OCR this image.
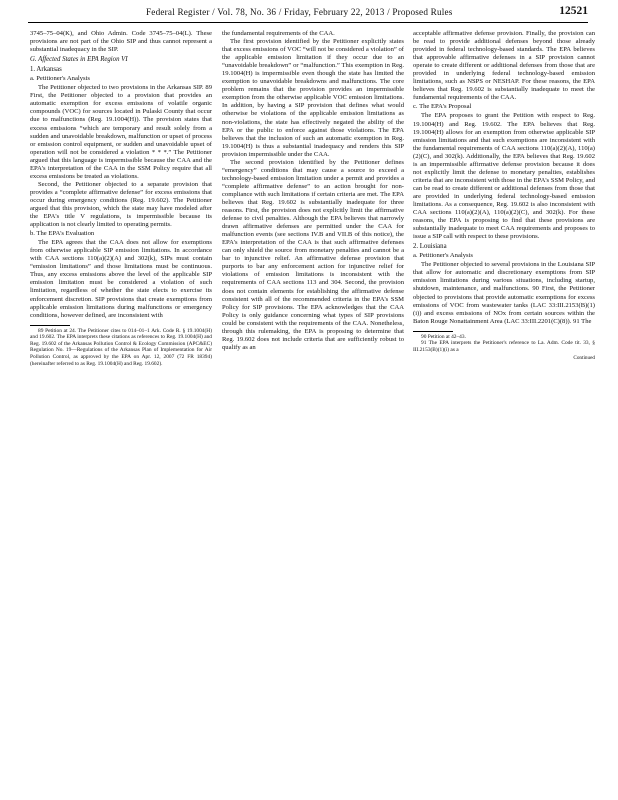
Federal Register / Vol. 78, No. 36 / Friday, February 22, 2013 / Proposed Rules	12521

3745–75–04(K), and Ohio Admin. Code 3745–75–04(L). These provisions are not part of the Ohio SIP and thus cannot represent a substantial inadequacy in the SIP.

G. Affected States in EPA Region VI
1. Arkansas
a. Petitioner's Analysis

The Petitioner objected to two provisions in the Arkansas SIP. 89 First, the Petitioner objected to a provision that provides an automatic exemption for excess emissions of volatile organic compounds (VOC) for sources located in Pulaski County that occur due to malfunctions (Reg. 19.1004(H)). The provision states that excess emissions “which are temporary and result solely from a sudden and unavoidable breakdown, malfunction or upset of process or emission control equipment, or sudden and unavoidable upset of operation will not be considered a violation * * *.” The Petitioner argued that this language is impermissible because the CAA and the EPA's interpretation of the CAA in the SSM Policy require that all excess emissions be treated as violations.

Second, the Petitioner objected to a separate provision that provides a “complete affirmative defense” for excess emissions that occur during emergency conditions (Reg. 19.602). The Petitioner argued that this provision, which the state may have modeled after the EPA's title V regulations, is impermissible because its application is not clearly limited to operating permits.

b. The EPA's Evaluation

The EPA agrees that the CAA does not allow for exemptions from otherwise applicable SIP emission limitations. In accordance with CAA sections 110(a)(2)(A) and 302(k), SIPs must contain “emission limitations” and those limitations must be continuous. Thus, any excess emissions above the level of the applicable SIP emission limitation must be considered a violation of such limitation, regardless of whether the state elects to exercise its enforcement discretion. SIP provisions that create exemptions from applicable emission limitations during malfunctions or emergency conditions, however defined, are inconsistent with

89 Petition at 24. The Petitioner cites to 014–01–1 Ark. Code R. § 19.1004(H) and 19.602. The EPA interprets these citations as references to Reg. 19.1004(H) and Reg. 19.602 of the Arkansas Pollution Control & Ecology Commission (APC&EC) Regulation No. 19—Regulations of the Arkansas Plan of Implementation for Air Pollution Control, as approved by the EPA on Apr. 12, 2007 (72 FR 18394) (hereinafter referred to as Reg. 19.1004(H) and Reg. 19.602).

the fundamental requirements of the CAA.

The first provision identified by the Petitioner explicitly states that excess emissions of VOC “will not be considered a violation” of the applicable emission limitation if they occur due to an “unavoidable breakdown” or “malfunction.” This exemption in Reg. 19.1004(H) is impermissible even though the state has limited the exemption to unavoidable breakdowns and malfunctions. The core problem remains that the provision provides an impermissible exemption from the otherwise applicable VOC emission limitations. In addition, by having a SIP provision that defines what would otherwise be violations of the applicable emission limitations as non-violations, the state has effectively negated the ability of the EPA or the public to enforce against those violations. The EPA believes that the inclusion of such an automatic exemption in Reg. 19.1004(H) is thus a substantial inadequacy and renders this SIP provision impermissible under the CAA.

The second provision identified by the Petitioner defines “emergency” conditions that may cause a source to exceed a technology-based emission limitation under a permit and provides a “complete affirmative defense” to an action brought for non-compliance with such limitations if certain criteria are met. The EPA believes that Reg. 19.602 is substantially inadequate for three reasons. First, the provision does not explicitly limit the affirmative defense to civil penalties. Although the EPA believes that narrowly drawn affirmative defenses are permitted under the CAA for malfunction events (see sections IV.B and VII.B of this notice), the EPA's interpretation of the CAA is that such affirmative defenses can only shield the source from monetary penalties and cannot be a bar to injunctive relief. An affirmative defense provision that purports to bar any enforcement action for injunctive relief for violations of emission limitations is inconsistent with the requirements of CAA sections 113 and 304. Second, the provision does not contain elements for establishing the affirmative defense consistent with all of the recommended criteria in the EPA's SSM Policy for SIP provisions. The EPA acknowledges that the CAA Policy is only guidance concerning what types of SIP provisions could be consistent with the requirements of the CAA. Nonetheless, through this rulemaking, the EPA is proposing to determine that Reg. 19.602 does not include criteria that are sufficiently robust to qualify as an

acceptable affirmative defense provision. Finally, the provision can be read to provide additional defenses beyond those already provided in federal technology-based standards. The EPA believes that approvable affirmative defenses in a SIP provision cannot operate to create different or additional defenses from those that are provided in underlying federal technology-based emission limitations, such as NSPS or NESHAP. For these reasons, the EPA believes that Reg. 19.602 is substantially inadequate to meet the fundamental requirements of the CAA.

c. The EPA's Proposal

The EPA proposes to grant the Petition with respect to Reg. 19.1004(H) and Reg. 19.602. The EPA believes that Reg. 19.1004(H) allows for an exemption from otherwise applicable SIP emission limitations and that such exemptions are inconsistent with the fundamental requirements of CAA sections 110(a)(2)(A), 110(a)(2)(C), and 302(k). Additionally, the EPA believes that Reg. 19.602 is an impermissible affirmative defense provision because it does not explicitly limit the defense to monetary penalties, establishes criteria that are inconsistent with those in the EPA's SSM Policy, and can be read to create different or additional defenses from those that are provided in underlying federal technology-based emission limitations. As a consequence, Reg. 19.602 is also inconsistent with CAA sections 110(a)(2)(A), 110(a)(2)(C), and 302(k). For these reasons, the EPA is proposing to find that these provisions are substantially inadequate to meet CAA requirements and proposes to issue a SIP call with respect to these provisions.

2. Louisiana
a. Petitioner's Analysis

The Petitioner objected to several provisions in the Louisiana SIP that allow for automatic and discretionary exemptions from SIP emission limitations during various situations, including startup, shutdown, maintenance, and malfunctions. 90 First, the Petitioner objected to provisions that provide automatic exemptions for excess emissions of VOC from wastewater tanks (LAC 33:III.2153(B)(1)(i)) and excess emissions of NOx from certain sources within the Baton Rouge Nonattainment Area (LAC 33:III.2201(C)(8)). 91 The

90 Petition at 42–43.

91 The EPA interprets the Petitioner's reference to La. Adm. Code tit. 33, § III.2153(B)(1)(i) as a

Continued
